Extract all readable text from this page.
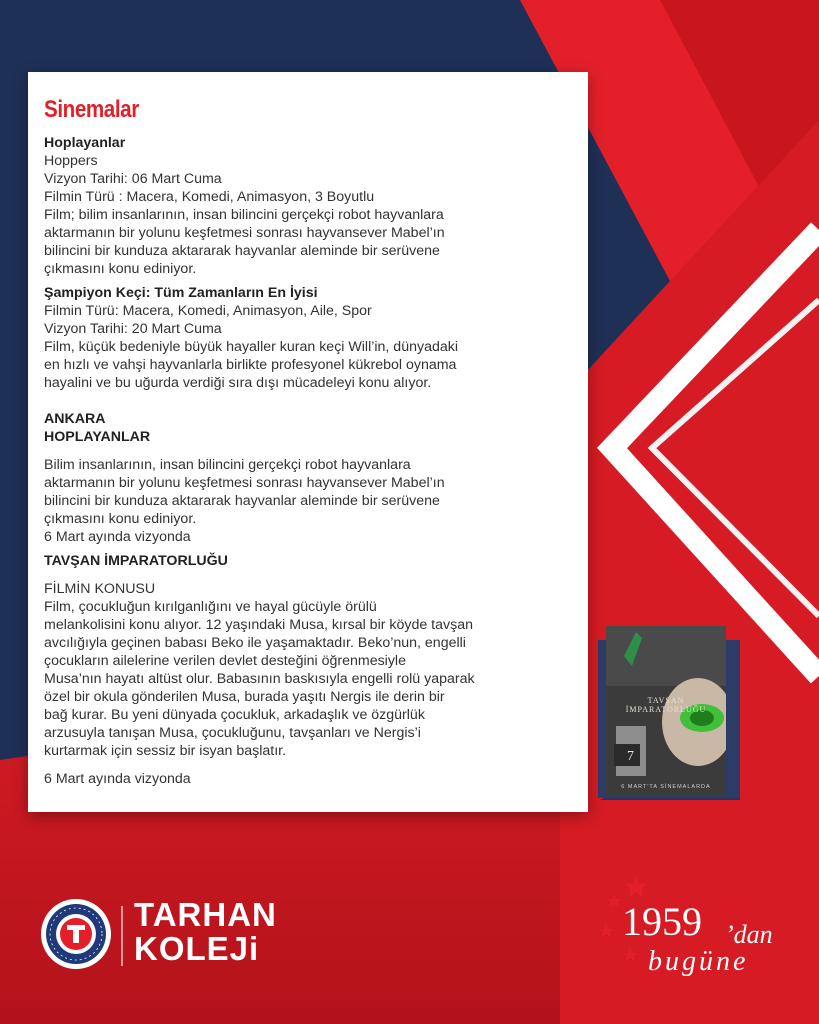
Sinemalar

Hoplayanlar

Hoppers

Vizyon Tarihi: 06 Mart Cuma

Filmin Türü : Macera, Komedi, Animasyon, 3 Boyutlu

Film; bilim insanlarının, insan bilincini gerçekçi robot hayvanlara

aktarmanın bir yolunu keşfetmesi sonrası hayvansever Mabel’ın

bilincini bir kunduza aktararak hayvanlar aleminde bir serüvene

çıkmasını konu ediniyor.

Şampiyon Keçi: Tüm Zamanların En İyisi

Filmin Türü: Macera, Komedi, Animasyon, Aile, Spor

Vizyon Tarihi: 20 Mart Cuma

Film, küçük bedeniyle büyük hayaller kuran keçi Will’in, dünyadaki

en hızlı ve vahşi hayvanlarla birlikte profesyonel kükrebol oynama

hayalini ve bu uğurda verdiği sıra dışı mücadeleyi konu alıyor.

ANKARA

HOPLAYANLAR

Bilim insanlarının, insan bilincini gerçekçi robot hayvanlara

aktarmanın bir yolunu keşfetmesi sonrası hayvansever Mabel’ın

bilincini bir kunduza aktararak hayvanlar aleminde bir serüvene

çıkmasını konu ediniyor.

6 Mart ayında vizyonda

TAVŞAN İMPARATORLUĞU

FİLMİN KONUSU

Film, çocukluğun kırılganlığını ve hayal gücüyle örülü

melankolisini konu alıyor. 12 yaşındaki Musa, kırsal bir köyde tavşan

avcılığıyla geçinen babası Beko ile yaşamaktadır. Beko’nun, engelli

çocukların ailelerine verilen devlet desteğini öğrenmesiyle

Musa’nın hayatı altüst olur. Babasının baskısıyla engelli rolü yaparak

özel bir okula gönderilen Musa, burada yaşıtı Nergis ile derin bir

bağ kurar. Bu yeni dünyada çocukluk, arkadaşlık ve özgürlük

arzusuyla tanışan Musa, çocukluğunu, tavşanları ve Nergis’i

kurtarmak için sessiz bir isyan başlatır.

6 Mart ayında vizyonda

7
TAVŞAN İMPARATORLUĞU
6 MART'TA SİNEMALARDA
TARHAN
KOLEJi
1959 ’dan
bugüne
